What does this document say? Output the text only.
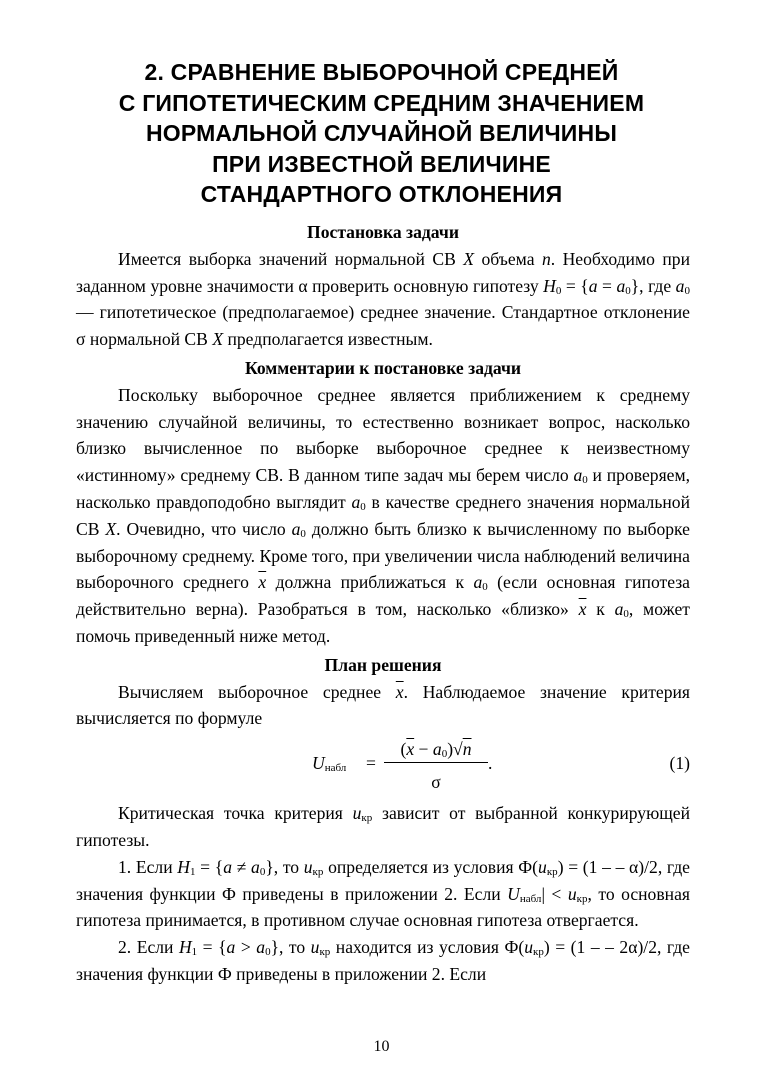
2. СРАВНЕНИЕ ВЫБОРОЧНОЙ СРЕДНЕЙ
С ГИПОТЕТИЧЕСКИМ СРЕДНИМ ЗНАЧЕНИЕМ
НОРМАЛЬНОЙ СЛУЧАЙНОЙ ВЕЛИЧИНЫ
ПРИ ИЗВЕСТНОЙ ВЕЛИЧИНЕ
СТАНДАРТНОГО ОТКЛОНЕНИЯ
Постановка задачи

Имеется выборка значений нормальной СВ X объема n. Необходимо при заданном уровне значимости α проверить основную гипотезу $H_0 = \{a = a_0\}$, где $a_0$ — гипотетическое (предполагаемое) среднее значение. Стандартное отклонение σ нормальной СВ X предполагается известным.

Комментарии к постановке задачи

Поскольку выборочное среднее является приближением к среднему значению случайной величины, то естественно возникает вопрос, насколько близко вычисленное по выборке выборочное среднее к неизвестному «истинному» среднему СВ. В данном типе задач мы берем число $a_0$ и проверяем, насколько правдоподобно выглядит $a_0$ в качестве среднего значения нормальной СВ X. Очевидно, что число $a_0$ должно быть близко к вычисленному по выборке выборочному среднему. Кроме того, при увеличении числа наблюдений величина выборочного среднего $\overline{x}$ должна приближаться к $a_0$ (если основная гипотеза действительно верна). Разобраться в том, насколько «близко» $\overline{x}$ к $a_0$, может помочь приведенный ниже метод.

План решения

Вычисляем выборочное среднее $\overline{x}$. Наблюдаемое значение критерия вычисляется по формуле

$U_{набл}$ =
$(\overline{x} - a_0)√n$
σ
.	(1)

Критическая точка критерия $u_{кр}$ зависит от выбранной конкурирующей гипотезы.

1. Если $H_1 = \{a \ne a_0\}$, то $u_{кр}$ определяется из условия $Ф(u_{кр}) = (1$ – – α)/2, где значения функции Ф приведены в приложении 2. Если $U_{набл}| < u_{кр}$, то основная гипотеза принимается, в противном случае основная гипотеза отвергается.

2. Если $H_1 = \{a > a_0\}$, то $u_{кр}$ находится из условия $Ф(u_{кр}) = (1$ – – 2α)/2, где значения функции Ф приведены в приложении 2. Если

10
